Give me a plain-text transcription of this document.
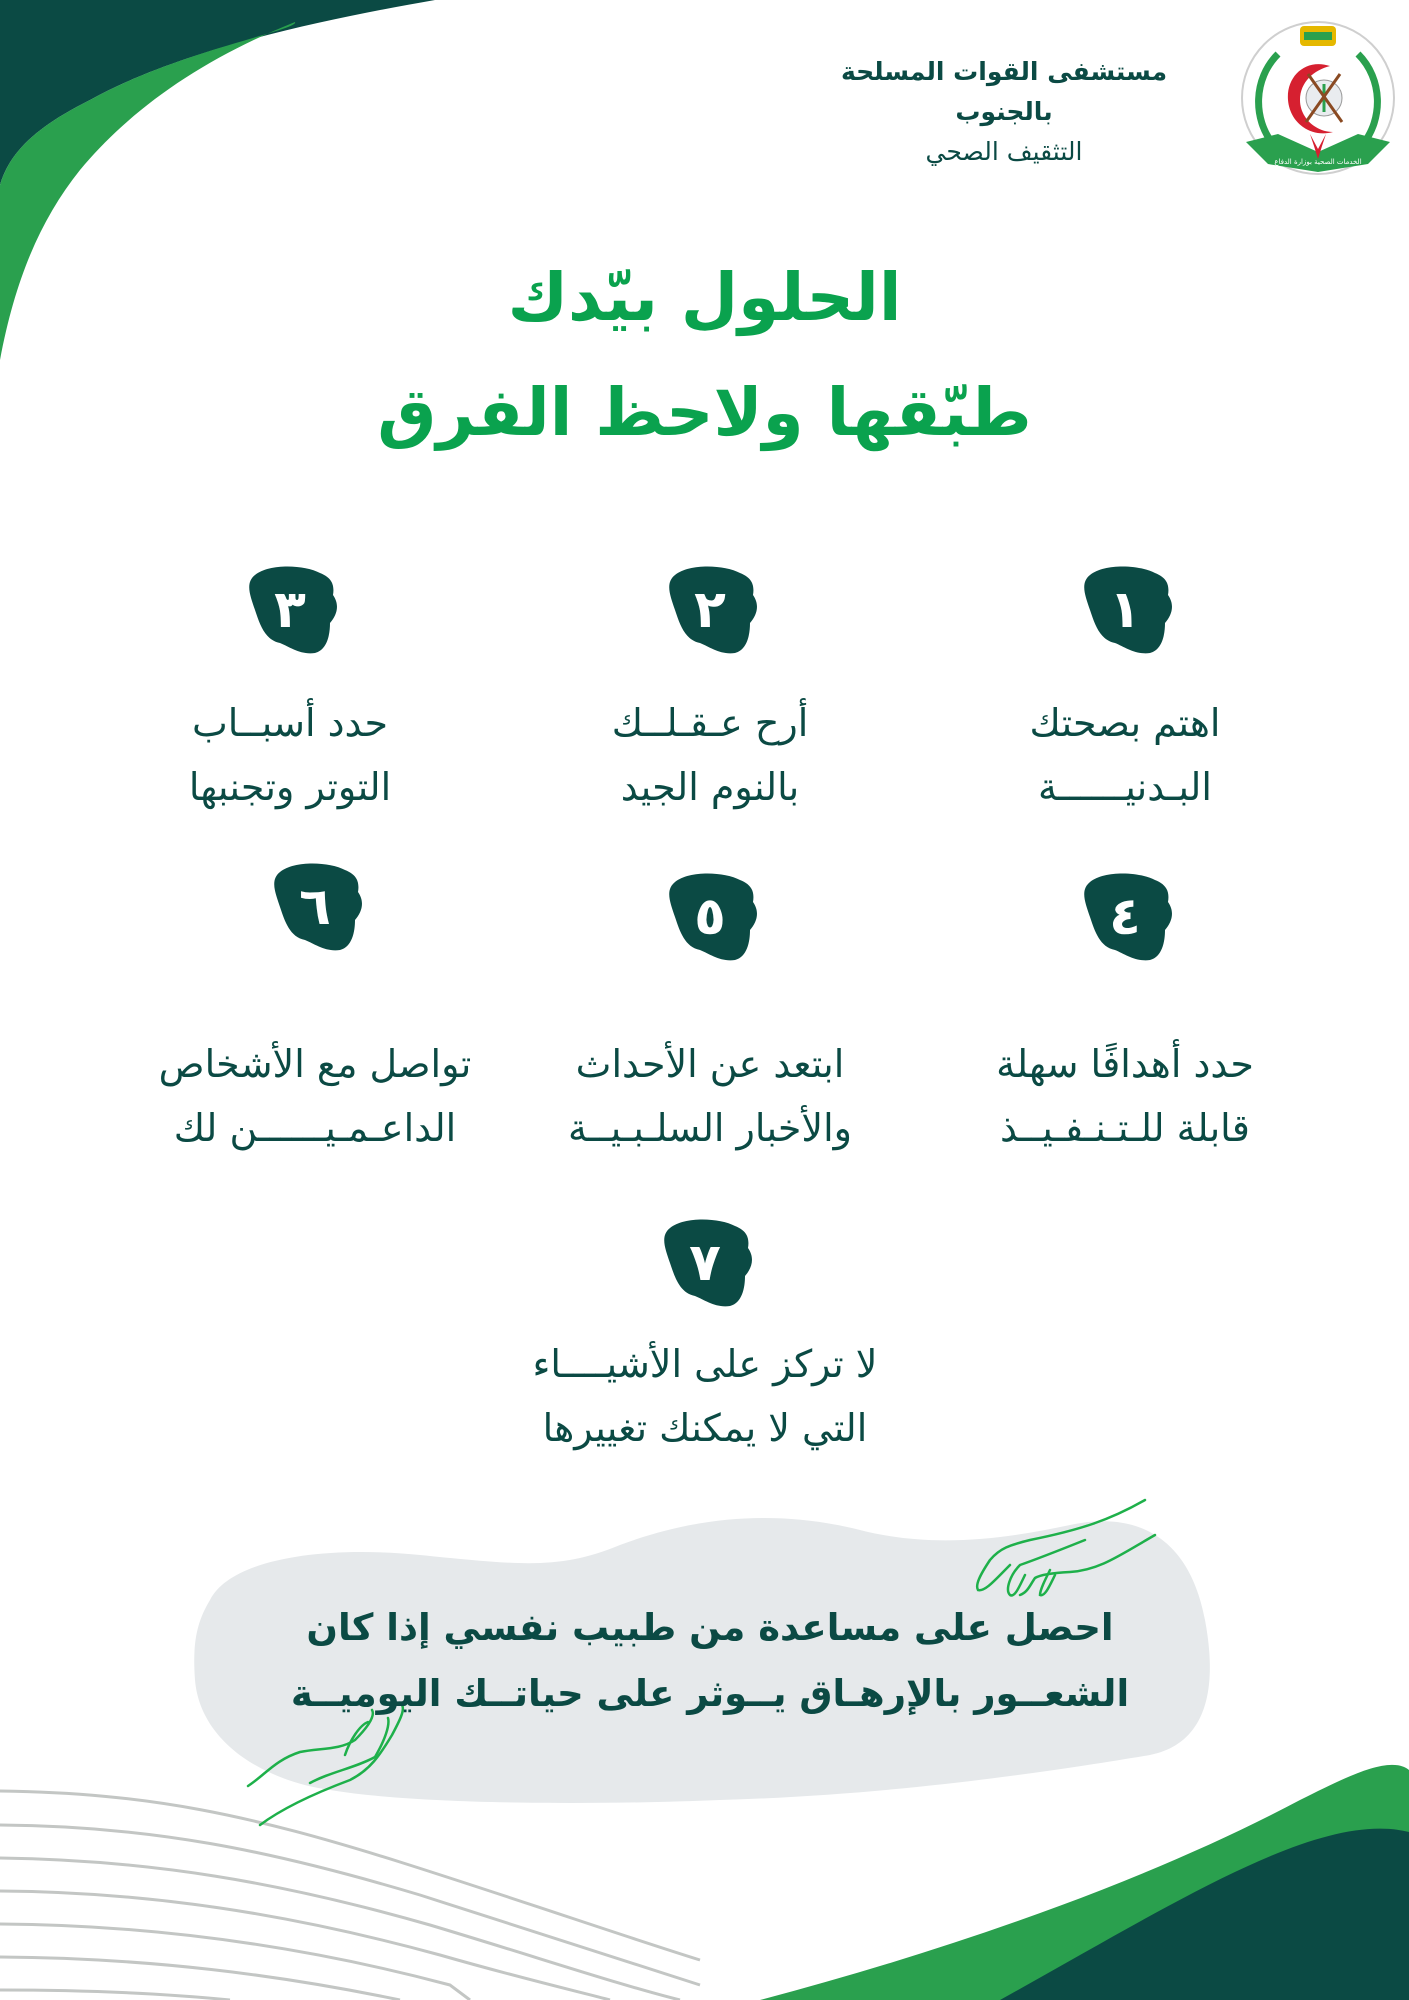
مستشفى القوات المسلحة بالجنوب
التثقيف الصحي	الخدمات الصحية بوزارة الدفاع
الحلول بيّدك
طبّقها ولاحظ الفرق
١
اهتم بصحتك
البـدنيــــــة
٢
أرح عـقـلــك
بالنوم الجيد
٣
حدد أسبــاب
التوتر وتجنبها
٤
حدد أهدافًا سهلة
قابلة للـتـنـفـيــذ
٥
ابتعد عن الأحداث
والأخبار السلـبـيــة
٦
تواصل مع الأشخاص
الداعـمـيــــــن لك
٧
لا تركز على الأشيــــاء
التي لا يمكنك تغييرها
احصل على مساعدة من طبيب نفسي إذا كان
الشعــور بالإرهـاق يــوثر على حياتــك اليوميــة
